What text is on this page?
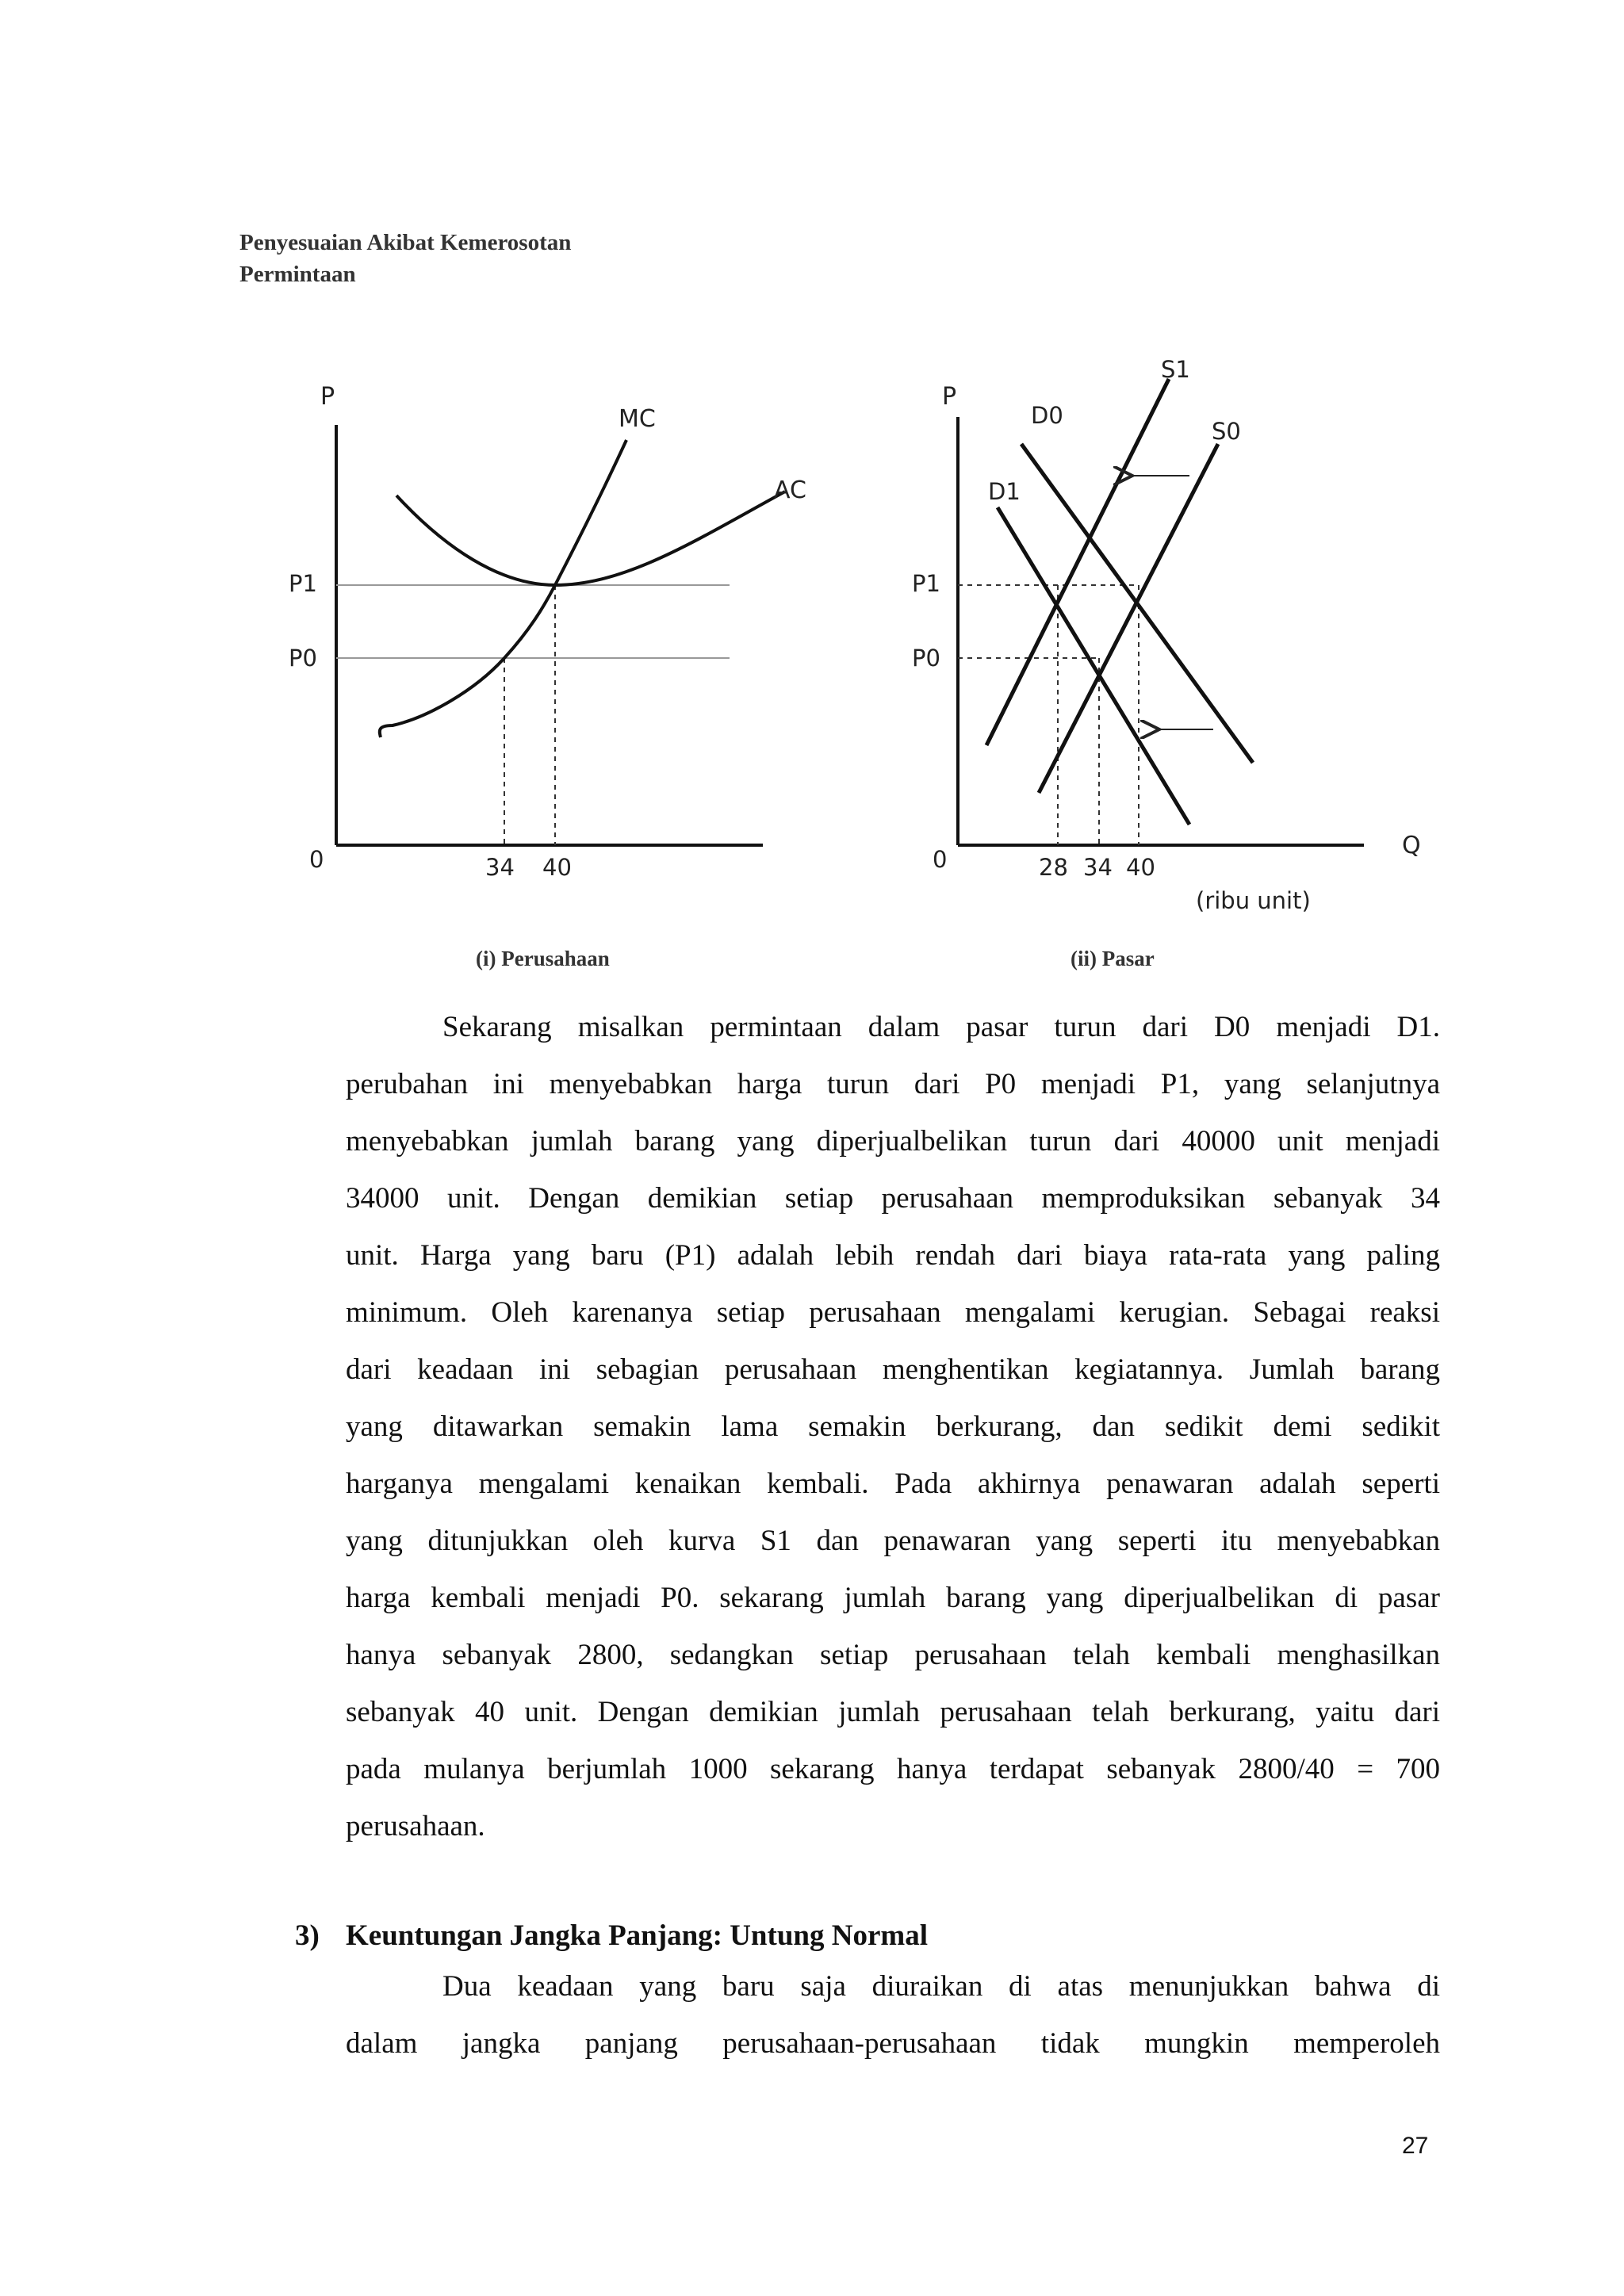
Penyesuaian Akibat Kemerosotan
Permintaan
P
MC
AC
P1
P0
0	34 40
(i) Perusahaan
P
Q
D0
D1
S1
S0
P1
P0
0	28 34 40
(ribu unit)
(ii) Pasar
Sekarang misalkan permintaan dalam pasar turun dari D0 menjadi D1.
perubahan ini menyebabkan harga turun dari P0 menjadi P1, yang selanjutnya
menyebabkan jumlah barang yang diperjualbelikan turun dari 40000 unit menjadi
34000 unit. Dengan demikian setiap perusahaan memproduksikan sebanyak 34
unit. Harga yang baru (P1) adalah lebih rendah dari biaya rata-rata yang paling
minimum. Oleh karenanya setiap perusahaan mengalami kerugian. Sebagai reaksi
dari keadaan ini sebagian perusahaan menghentikan kegiatannya. Jumlah barang
yang ditawarkan semakin lama semakin berkurang, dan sedikit demi sedikit
harganya mengalami kenaikan kembali. Pada akhirnya penawaran adalah seperti
yang ditunjukkan oleh kurva S1 dan penawaran yang seperti itu menyebabkan
harga kembali menjadi P0. sekarang jumlah barang yang diperjualbelikan di pasar
hanya sebanyak 2800, sedangkan setiap perusahaan telah kembali menghasilkan
sebanyak 40 unit. Dengan demikian jumlah perusahaan telah berkurang, yaitu dari
pada mulanya berjumlah 1000 sekarang hanya terdapat sebanyak 2800/40 = 700
perusahaan.
3) Keuntungan Jangka Panjang: Untung Normal
Dua keadaan yang baru saja diuraikan di atas menunjukkan bahwa di
dalam jangka panjang perusahaan-perusahaan tidak mungkin memperoleh
27
